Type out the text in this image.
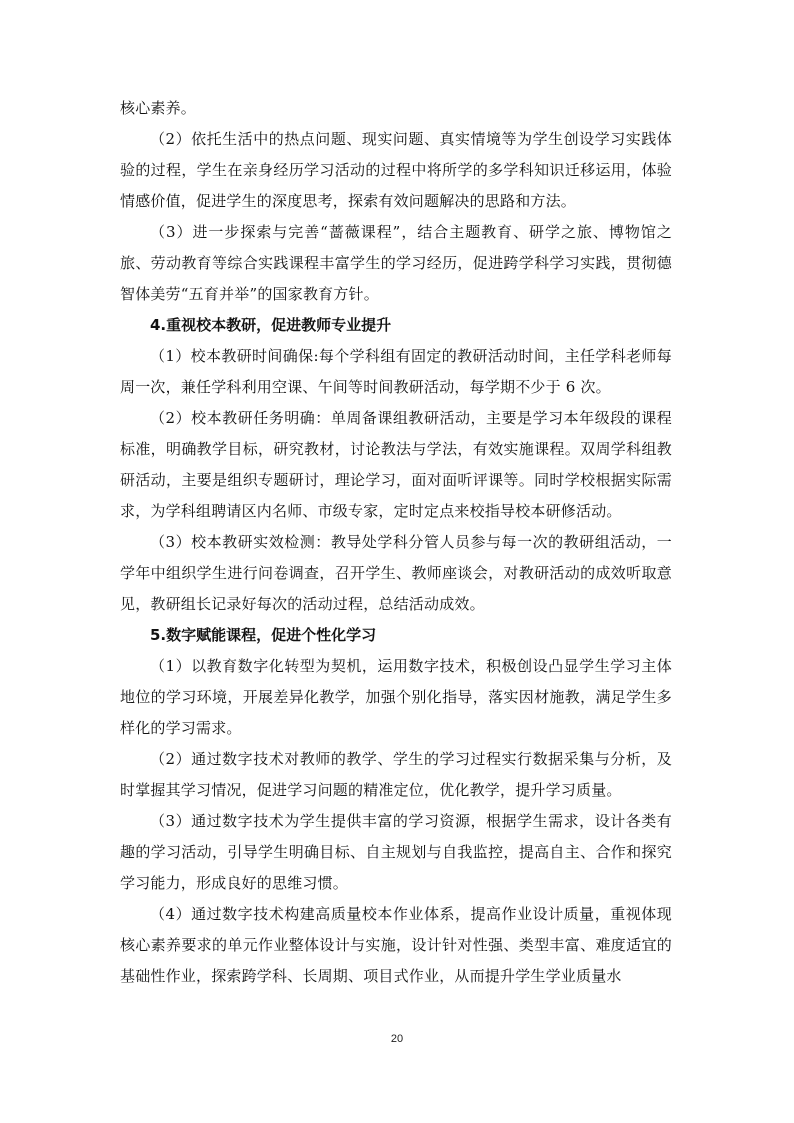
核心素养。

（2）依托生活中的热点问题、现实问题、真实情境等为学生创设学习实践体验的过程，学生在亲身经历学习活动的过程中将所学的多学科知识迁移运用，体验情感价值，促进学生的深度思考，探索有效问题解决的思路和方法。

（3）进一步探索与完善“蔷薇课程”，结合主题教育、研学之旅、博物馆之旅、劳动教育等综合实践课程丰富学生的学习经历，促进跨学科学习实践，贯彻德智体美劳“五育并举”的国家教育方针。

4.重视校本教研，促进教师专业提升

（1）校本教研时间确保:每个学科组有固定的教研活动时间，主任学科老师每周一次，兼任学科利用空课、午间等时间教研活动，每学期不少于 6 次。

（2）校本教研任务明确：单周备课组教研活动，主要是学习本年级段的课程标准，明确教学目标，研究教材，讨论教法与学法，有效实施课程。双周学科组教研活动，主要是组织专题研讨，理论学习，面对面听评课等。同时学校根据实际需求，为学科组聘请区内名师、市级专家，定时定点来校指导校本研修活动。

（3）校本教研实效检测：教导处学科分管人员参与每一次的教研组活动，一学年中组织学生进行问卷调查，召开学生、教师座谈会，对教研活动的成效听取意见，教研组长记录好每次的活动过程，总结活动成效。

5.数字赋能课程，促进个性化学习

（1）以教育数字化转型为契机，运用数字技术，积极创设凸显学生学习主体地位的学习环境，开展差异化教学，加强个别化指导，落实因材施教，满足学生多样化的学习需求。

（2）通过数字技术对教师的教学、学生的学习过程实行数据采集与分析，及时掌握其学习情况，促进学习问题的精准定位，优化教学，提升学习质量。

（3）通过数字技术为学生提供丰富的学习资源，根据学生需求，设计各类有趣的学习活动，引导学生明确目标、自主规划与自我监控，提高自主、合作和探究学习能力，形成良好的思维习惯。

（4）通过数字技术构建高质量校本作业体系，提高作业设计质量，重视体现核心素养要求的单元作业整体设计与实施，设计针对性强、类型丰富、难度适宜的基础性作业，探索跨学科、长周期、项目式作业，从而提升学生学业质量水

20
